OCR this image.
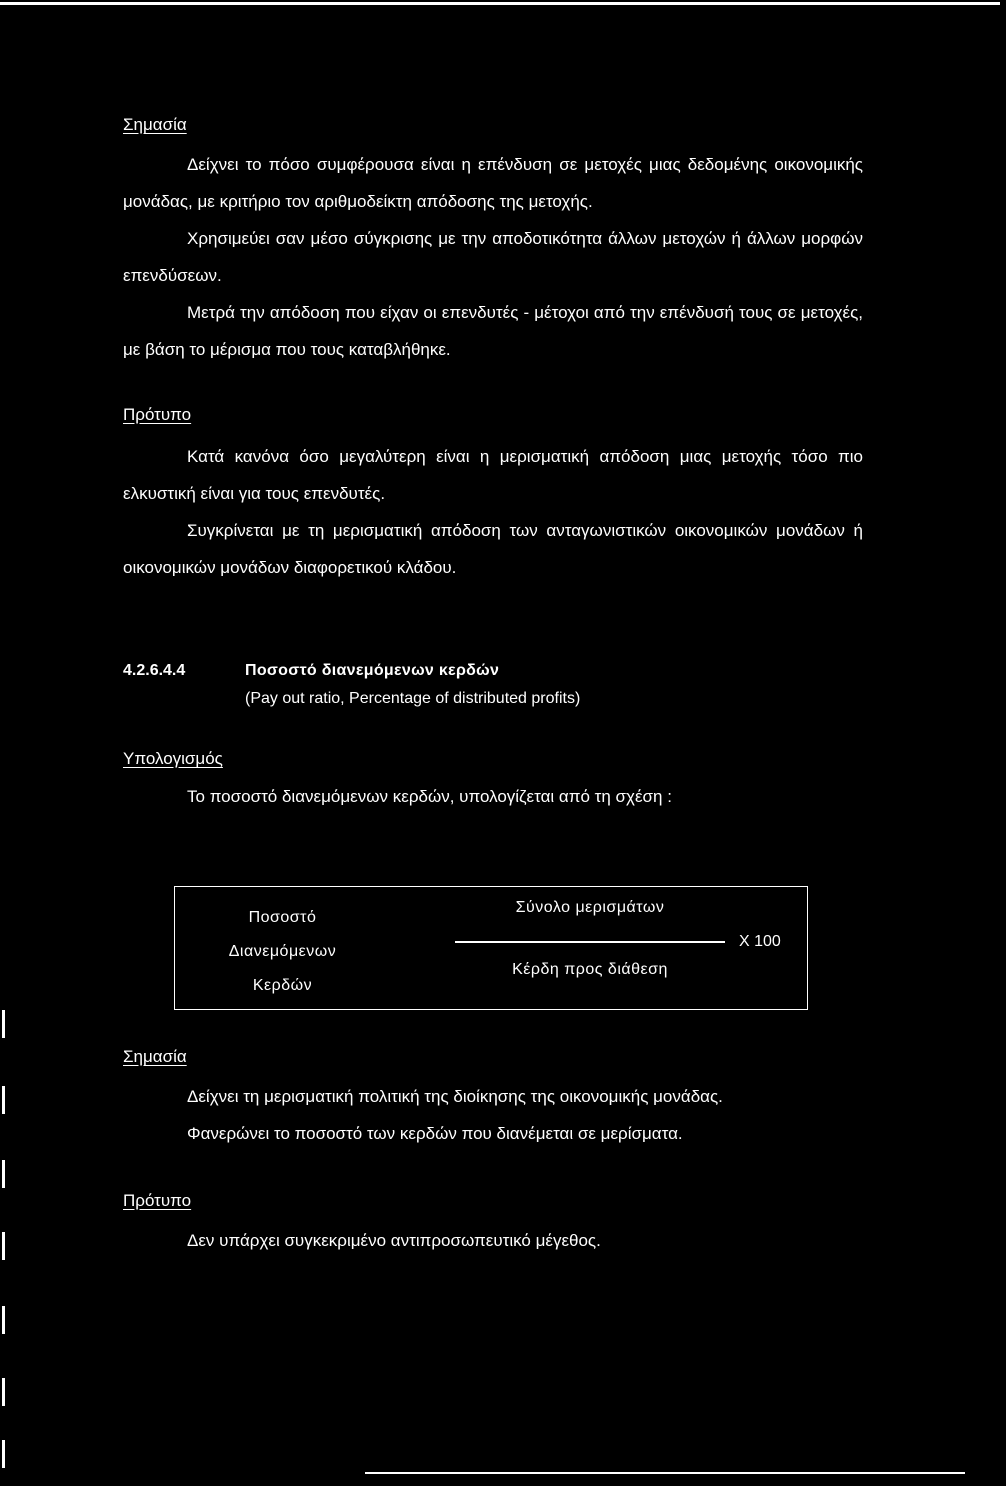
Σημασία

Δείχνει το πόσο συμφέρουσα είναι η επένδυση σε μετοχές μιας δεδομένης οικονομικής μονάδας, με κριτήριο τον αριθμοδείκτη απόδοσης της μετοχής.

Χρησιμεύει σαν μέσο σύγκρισης με την αποδοτικότητα άλλων μετοχών ή άλλων μορφών επενδύσεων.

Μετρά την απόδοση που είχαν οι επενδυτές - μέτοχοι από την επένδυσή τους σε μετοχές, με βάση το μέρισμα που τους καταβλήθηκε.

Πρότυπο

Κατά κανόνα όσο μεγαλύτερη είναι η μερισματική απόδοση μιας μετοχής τόσο πιο ελκυστική είναι για τους επενδυτές.

Συγκρίνεται με τη μερισματική απόδοση των ανταγωνιστικών οικονομικών μονάδων ή οικονομικών μονάδων διαφορετικού κλάδου.

4.2.6.4.4	Ποσοστό διανεμόμενων κερδών
(Pay out ratio, Percentage of distributed profits)

Υπολογισμός

Το ποσοστό διανεμόμενων κερδών, υπολογίζεται από τη σχέση :

Ποσοστό
Διανεμόμενων
Κερδών
Σύνολο μερισμάτων
Κέρδη προς διάθεση
Χ 100

Σημασία

Δείχνει τη μερισματική πολιτική της διοίκησης της οικονομικής μονάδας.

Φανερώνει το ποσοστό των κερδών που διανέμεται σε μερίσματα.

Πρότυπο

Δεν υπάρχει συγκεκριμένο αντιπροσωπευτικό μέγεθος.
